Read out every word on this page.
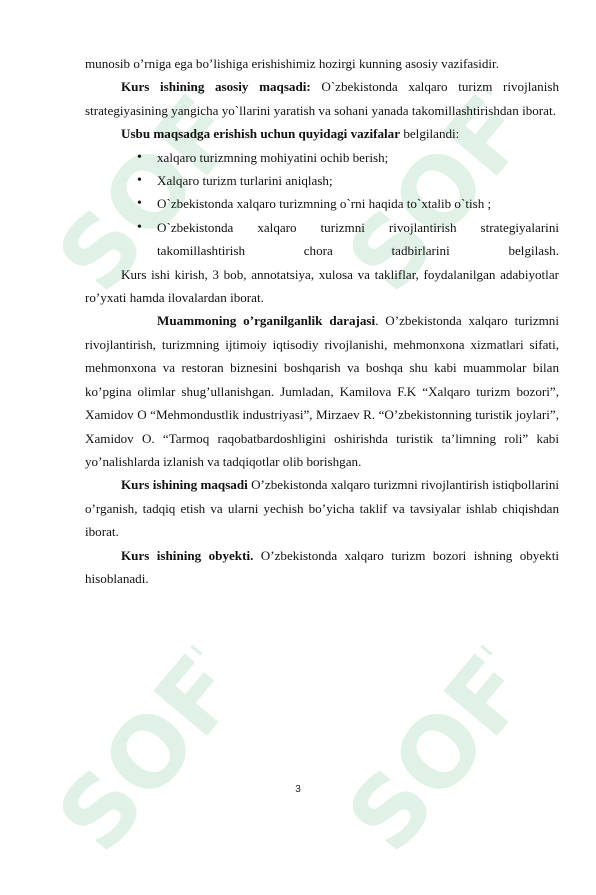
SOFT SOFT
SOFT SOFT

munosib o’rniga ega bo’lishiga erishishimiz hozirgi kunning asosiy vazifasidir.

Kurs ishining asosiy maqsadi: O`zbekistonda xalqaro turizm rivojlanish strategiyasining yangicha yo`llarini yaratish va sohani yanada takomillashtirishdan iborat.

Usbu maqsadga erishish uchun quyidagi vazifalar belgilandi:

• xalqaro turizmning mohiyatini ochib berish;
• Xalqaro turizm turlarini aniqlash;
• O`zbekistonda xalqaro turizmning o`rni haqida to`xtalib o`tish ;
• O`zbekistonda xalqaro turizmni rivojlantirish strategiyalarini takomillashtirish chora tadbirlarini belgilash.

Kurs ishi kirish, 3 bob, annotatsiya, xulosa va takliflar, foydalanilgan adabiyotlar ro’yxati hamda ilovalardan iborat.

Muammoning o’rganilganlik darajasi. O’zbekistonda xalqaro turizmni rivojlantirish, turizmning ijtimoiy iqtisodiy rivojlanishi, mehmonxona xizmatlari sifati, mehmonxona va restoran biznesini boshqarish va boshqa shu kabi muammolar bilan ko’pgina olimlar shug’ullanishgan. Jumladan, Kamilova F.K “Xalqaro turizm bozori”, Xamidov O “Mehmondustlik industriyasi”, Mirzaev R. “O’zbekistonning turistik joylari”, Xamidov O. “Tarmoq raqobatbardoshligini oshirishda turistik ta’limning roli” kabi yo’nalishlarda izlanish va tadqiqotlar olib borishgan.

Kurs ishining maqsadi O’zbekistonda xalqaro turizmni rivojlantirish istiqbollarini o’rganish, tadqiq etish va ularni yechish bo’yicha taklif va tavsiyalar ishlab chiqishdan iborat.

Kurs ishining obyekti. O’zbekistonda xalqaro turizm bozori ishning obyekti hisoblanadi.

3
